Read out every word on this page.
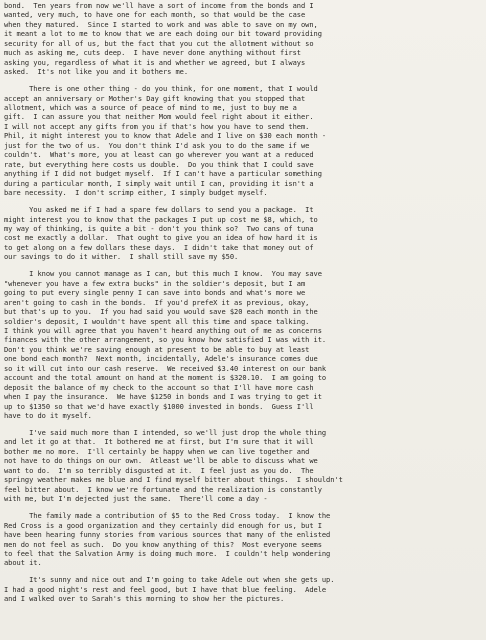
bond.  Ten years from now we'll have a sort of income from the bonds and I
wanted, very much, to have one for each month, so that would be the case
when they matured.  Since I started to work and was able to save on my own,
it meant a lot to me to know that we are each doing our bit toward providing
security for all of us, but the fact that you cut the allotment without so
much as asking me, cuts deep.  I have never done anything without first
asking you, regardless of what it is and whether we agreed, but I always
asked.  It's not like you and it bothers me.
There is one other thing - do you think, for one moment, that I would
accept an anniversary or Mother's Day gift knowing that you stopped that
allotment, which was a source of peace of mind to me, just to buy me a
gift.  I can assure you that neither Mom would feel right about it either.
I will not accept any gifts from you if that's how you have to send them.
Phil, it might interest you to know that Adele and I live on $30 each month -
just for the two of us.  You don't think I'd ask you to do the same if we
couldn't.  What's more, you at least can go wherever you want at a reduced
rate, but everything here costs us double.  Do you think that I could save
anything if I did not budget myself.  If I can't have a particular something
during a particular month, I simply wait until I can, providing it isn't a
bare necessity.  I don't scrimp either, I simply budget myself.
You asked me if I had a spare few dollars to send you a package.  It
might interest you to know that the packages I put up cost me $8, which, to
my way of thinking, is quite a bit - don't you think so?  Two cans of tuna
cost me exactly a dollar.  That ought to give you an idea of how hard it is
to get along on a few dollars these days.  I didn't take that money out of
our savings to do it wither.  I shall still save my $50.
I know you cannot manage as I can, but this much I know.  You may save
"whenever you have a few extra bucks" in the soldier's deposit, but I am
going to put every single penny I can save into bonds and what's more we
aren't going to cash in the bonds.  If you'd prefeX it as previous, okay,
but that's up to you.  If you had said you would save $20 each month in the
soldier's deposit, I wouldn't have spent all this time and space talking.
I think you will agree that you haven't heard anything out of me as concerns
finances with the other arrangement, so you know how satisfied I was with it.
Don't you think we're saving enough at present to be able to buy at least
one bond each month?  Next month, incidentally, Adele's insurance comes due
so it will cut into our cash reserve.  We received $3.40 interest on our bank
account and the total amount on hand at the moment is $320.10.  I am going to
deposit the balance of my check to the account so that I'll have more cash
when I pay the insurance.  We have $1250 in bonds and I was trying to get it
up to $1350 so that we'd have exactly $1000 invested in bonds.  Guess I'll
have to do it myself.
I've said much more than I intended, so we'll just drop the whole thing
and let it go at that.  It bothered me at first, but I'm sure that it will
bother me no more.  I'll certainly be happy when we can live together and
not have to do things on our own.  Atleast we'll be able to discuss what we
want to do.  I'm so terribly disgusted at it.  I feel just as you do.  The
springy weather makes me blue and I find myself bitter about things.  I shouldn't
feel bitter about.  I know we're fortunate and the realization is constantly
with me, but I'm dejected just the same.  There'll come a day -
The family made a contribution of $5 to the Red Cross today.  I know the
Red Cross is a good organization and they certainly did enough for us, but I
have been hearing funny stories from various sources that many of the enlisted
men do not feel as such.  Do you know anything of this?  Most everyone seems
to feel that the Salvation Army is doing much more.  I couldn't help wondering
about it.
It's sunny and nice out and I'm going to take Adele out when she gets up.
I had a good night's rest and feel good, but I have that blue feeling.  Adele
and I walked over to Sarah's this morning to show her the pictures.
